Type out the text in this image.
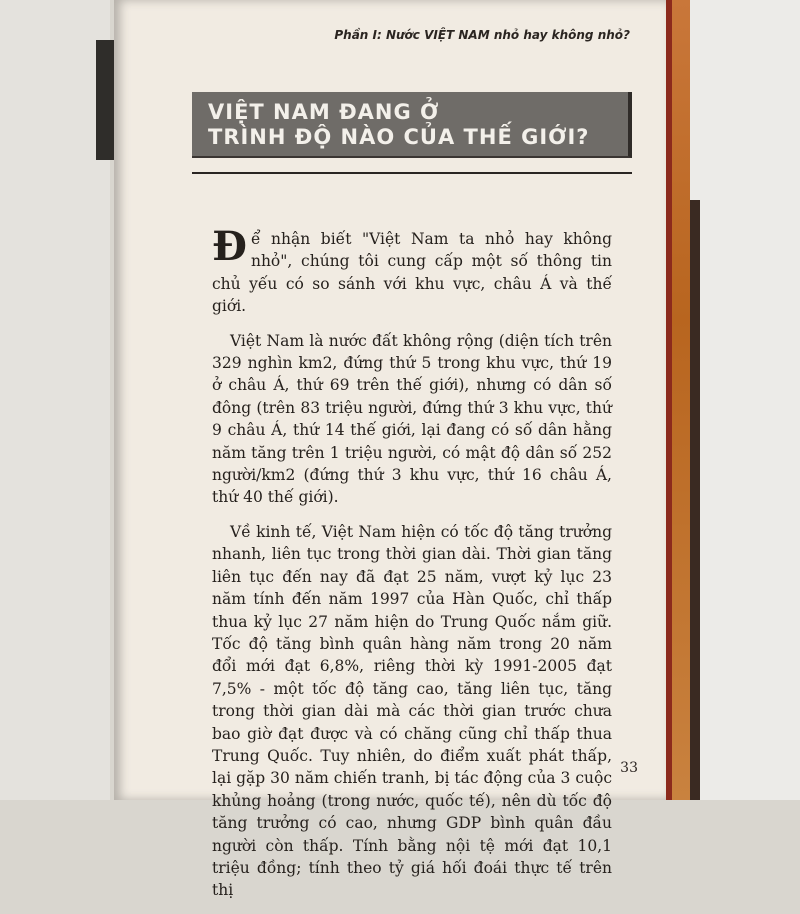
Phần I: Nước VIỆT NAM nhỏ hay không nhỏ?
VIỆT NAM ĐANG Ở
TRÌNH ĐỘ NÀO CỦA THẾ GIỚI?

Để nhận biết "Việt Nam ta nhỏ hay không nhỏ", chúng tôi cung cấp một số thông tin chủ yếu có so sánh với khu vực, châu Á và thế giới.

Việt Nam là nước đất không rộng (diện tích trên 329 nghìn km2, đứng thứ 5 trong khu vực, thứ 19 ở châu Á, thứ 69 trên thế giới), nhưng có dân số đông (trên 83 triệu người, đứng thứ 3 khu vực, thứ 9 châu Á, thứ 14 thế giới, lại đang có số dân hằng năm tăng trên 1 triệu người, có mật độ dân số 252 người/km2 (đứng thứ 3 khu vực, thứ 16 châu Á, thứ 40 thế giới).

Về kinh tế, Việt Nam hiện có tốc độ tăng trưởng nhanh, liên tục trong thời gian dài. Thời gian tăng liên tục đến nay đã đạt 25 năm, vượt kỷ lục 23 năm tính đến năm 1997 của Hàn Quốc, chỉ thấp thua kỷ lục 27 năm hiện do Trung Quốc nắm giữ. Tốc độ tăng bình quân hàng năm trong 20 năm đổi mới đạt 6,8%, riêng thời kỳ 1991-2005 đạt 7,5% - một tốc độ tăng cao, tăng liên tục, tăng trong thời gian dài mà các thời gian trước chưa bao giờ đạt được và có chăng cũng chỉ thấp thua Trung Quốc. Tuy nhiên, do điểm xuất phát thấp, lại gặp 30 năm chiến tranh, bị tác động của 3 cuộc khủng hoảng (trong nước, quốc tế), nên dù tốc độ tăng trưởng có cao, nhưng GDP bình quân đầu người còn thấp. Tính bằng nội tệ mới đạt 10,1 triệu đồng; tính theo tỷ giá hối đoái thực tế trên thị

33
